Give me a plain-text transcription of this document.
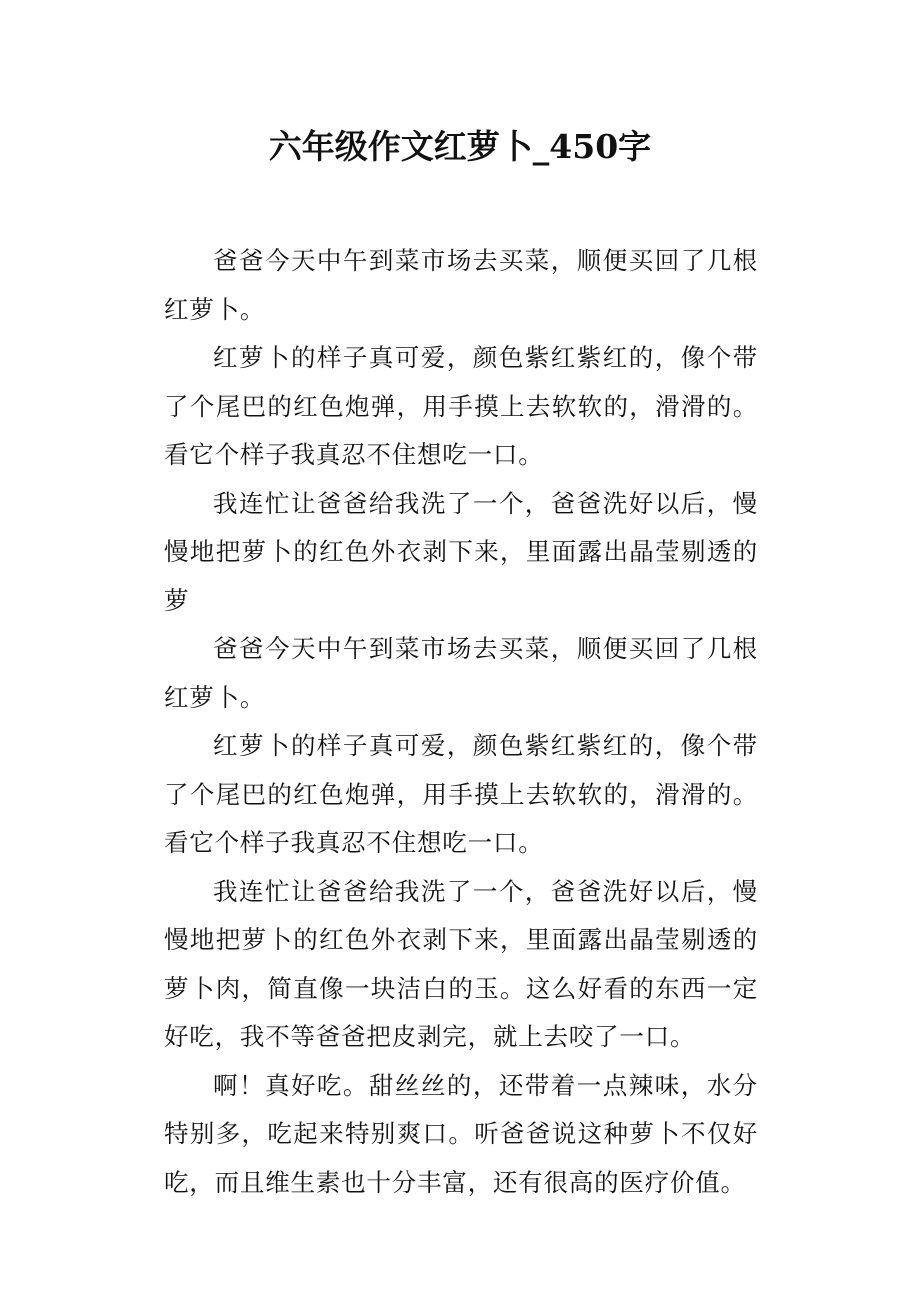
六年级作文红萝卜_450字

爸爸今天中午到菜市场去买菜，顺便买回了几根红萝卜。

红萝卜的样子真可爱，颜色紫红紫红的，像个带了个尾巴的红色炮弹，用手摸上去软软的，滑滑的。看它个样子我真忍不住想吃一口。

我连忙让爸爸给我洗了一个，爸爸洗好以后，慢慢地把萝卜的红色外衣剥下来，里面露出晶莹剔透的萝

爸爸今天中午到菜市场去买菜，顺便买回了几根红萝卜。

红萝卜的样子真可爱，颜色紫红紫红的，像个带了个尾巴的红色炮弹，用手摸上去软软的，滑滑的。看它个样子我真忍不住想吃一口。

我连忙让爸爸给我洗了一个，爸爸洗好以后，慢慢地把萝卜的红色外衣剥下来，里面露出晶莹剔透的萝卜肉，简直像一块洁白的玉。这么好看的东西一定好吃，我不等爸爸把皮剥完，就上去咬了一口。

啊！真好吃。甜丝丝的，还带着一点辣味，水分特别多，吃起来特别爽口。听爸爸说这种萝卜不仅好吃，而且维生素也十分丰富，还有很高的医疗价值。
